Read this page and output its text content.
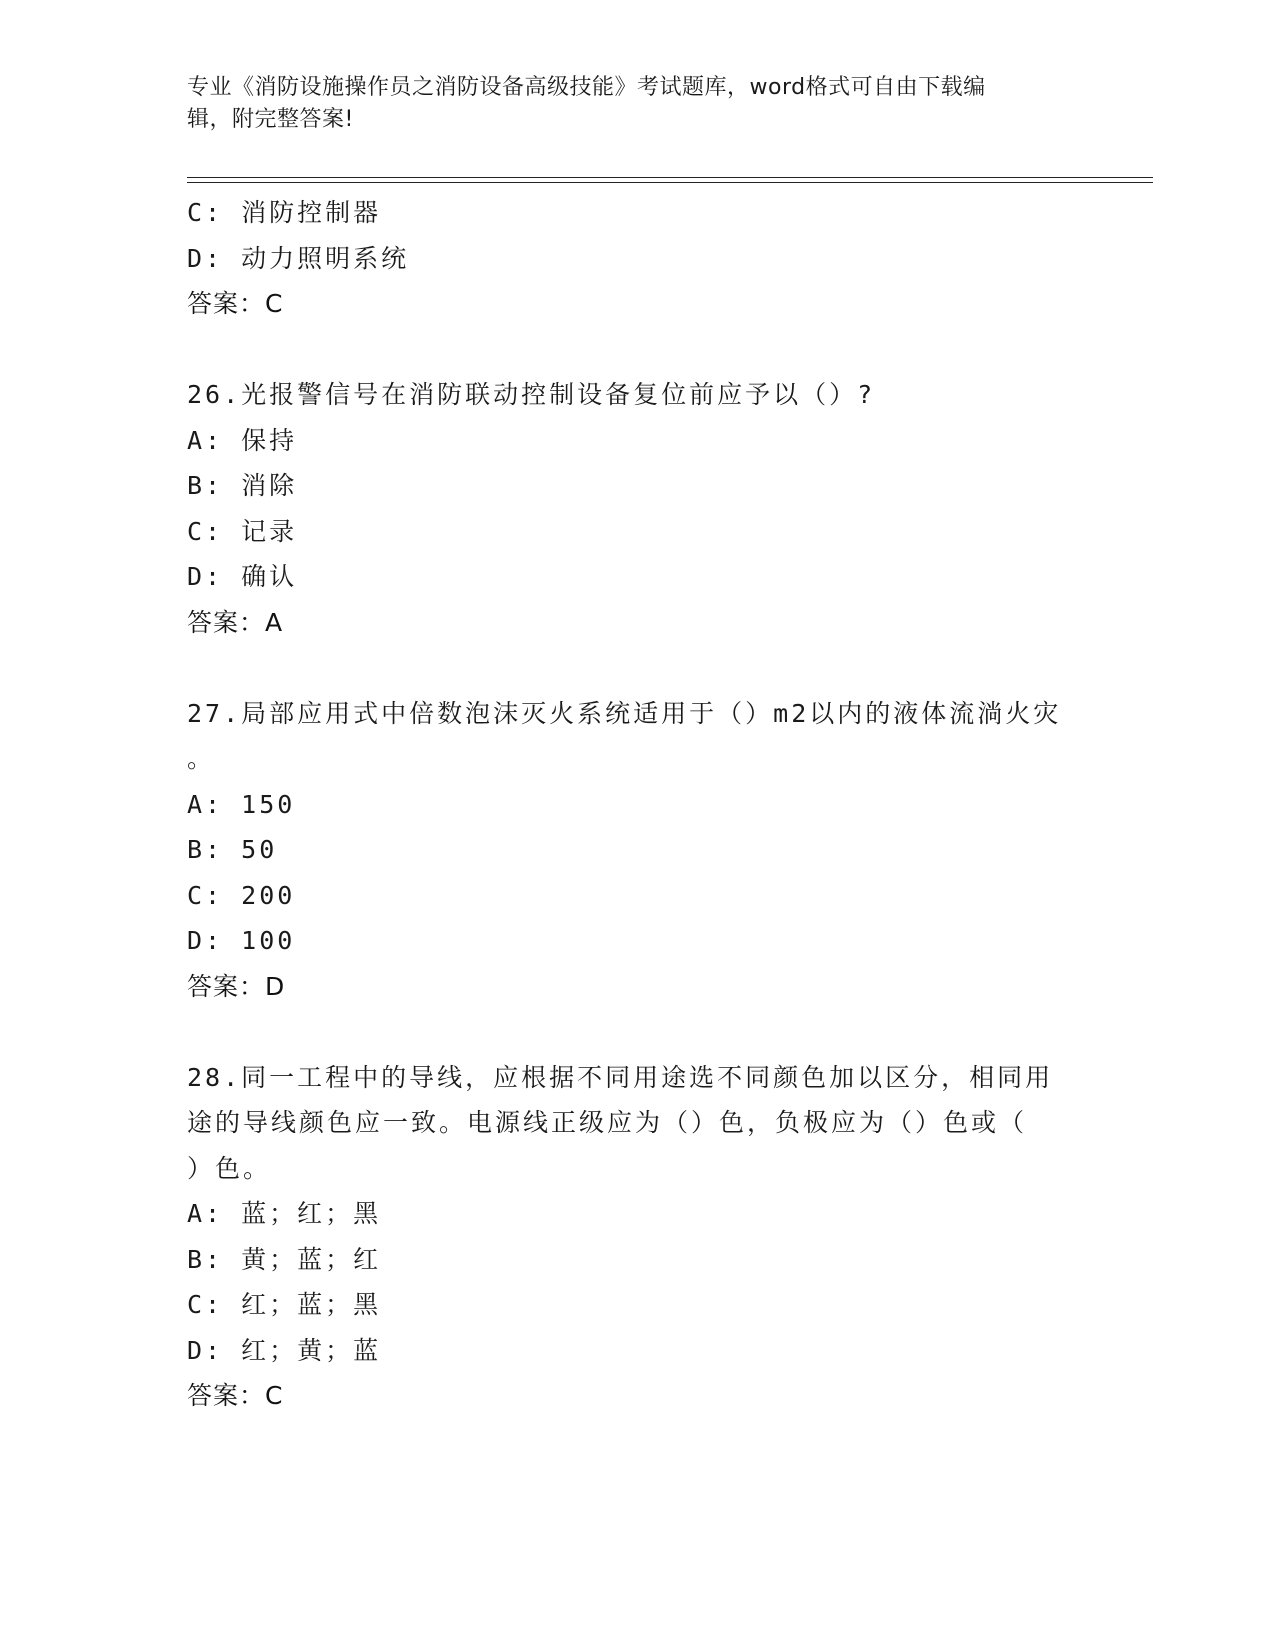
专业《消防设施操作员之消防设备高级技能》考试题库，word格式可自由下载编
辑，附完整答案!
C: 消防控制器
D: 动力照明系统
答案：C
26.光报警信号在消防联动控制设备复位前应予以（）?
A: 保持
B: 消除
C: 记录
D: 确认
答案：A
27.局部应用式中倍数泡沫灭火系统适用于（）m2以内的液体流淌火灾
。
A: 150
B: 50
C: 200
D: 100
答案：D
28.同一工程中的导线，应根据不同用途选不同颜色加以区分，相同用
途的导线颜色应一致。电源线正级应为（）色，负极应为（）色或（
）色。
A: 蓝；红；黑
B: 黄；蓝；红
C: 红；蓝；黑
D: 红；黄；蓝
答案：C
